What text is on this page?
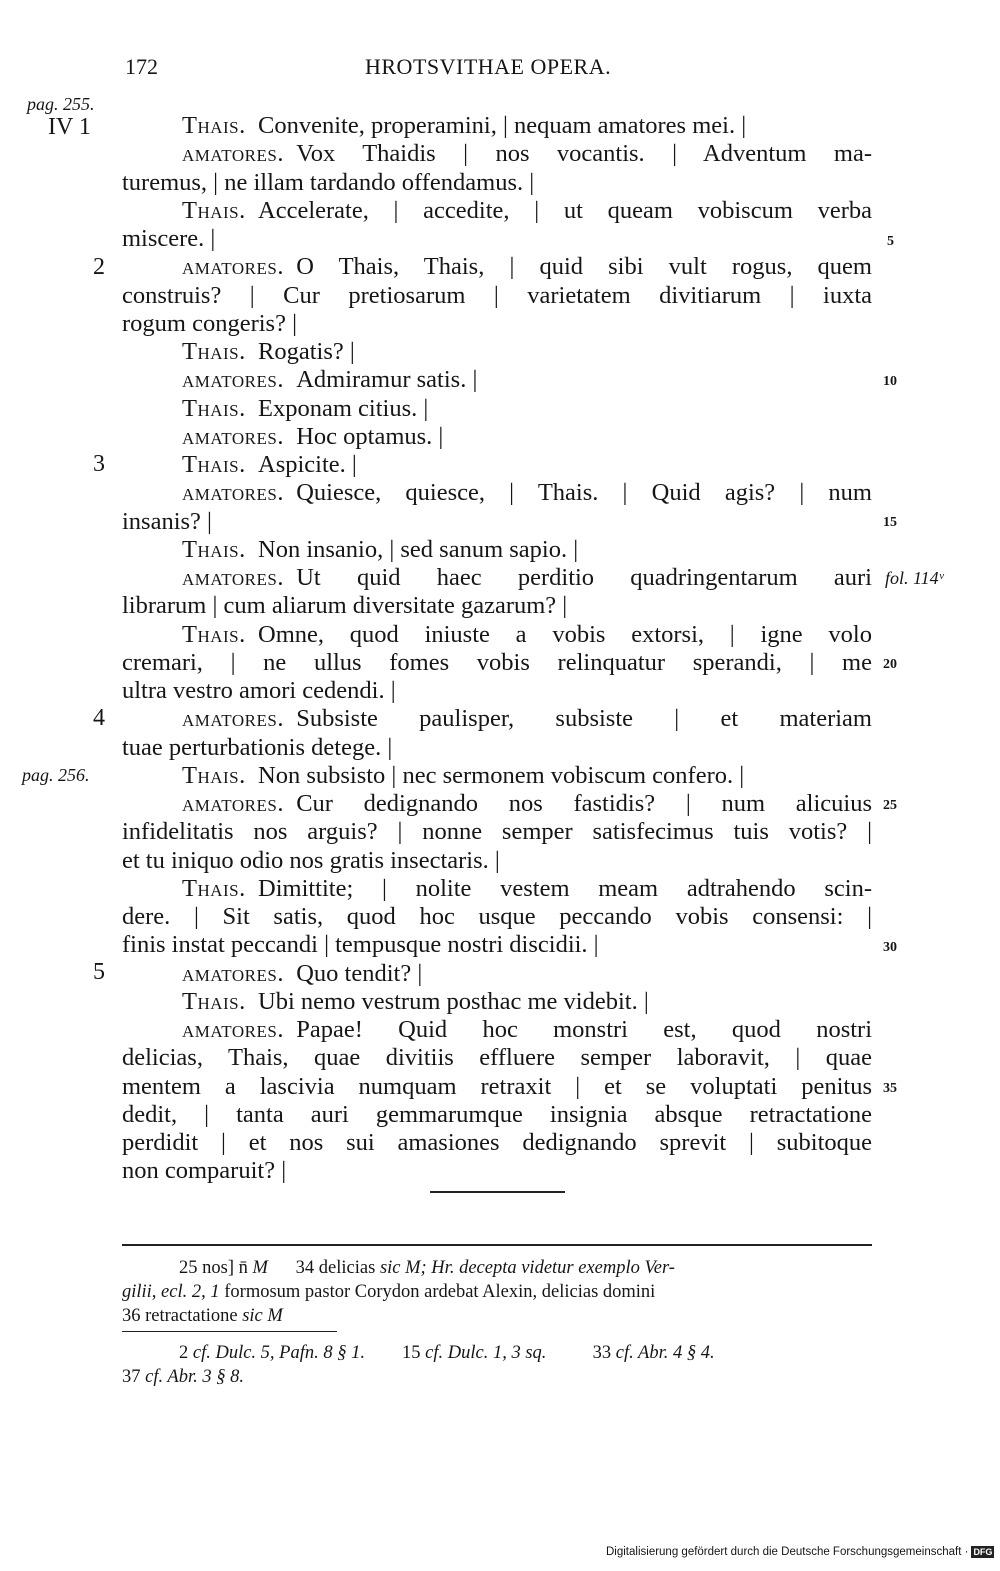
172	HROTSVITHAE OPERA.
pag. 255.
IV 1
2
3
4
pag. 256.
5
5
10
15
fol. 114ᵛ
20
25
30
35
Thais.  Convenite, properamini, | nequam amatores mei. |
amatores.  Vox Thaidis | nos vocantis. | Adventum ma-
turemus, | ne illam tardando offendamus. |
Thais.  Accelerate, | accedite, | ut queam vobiscum verba
miscere. |
amatores.  O Thais, Thais, | quid sibi vult rogus, quem
construis? | Cur pretiosarum | varietatem divitiarum | iuxta
rogum congeris? |
Thais.  Rogatis? |
amatores.  Admiramur satis. |
Thais.  Exponam citius. |
amatores.  Hoc optamus. |
Thais.  Aspicite. |
amatores.  Quiesce, quiesce, | Thais. | Quid agis? | num
insanis? |
Thais.  Non insanio, | sed sanum sapio. |
amatores.  Ut quid haec perditio quadringentarum auri
librarum | cum aliarum diversitate gazarum? |
Thais.  Omne, quod iniuste a vobis extorsi, | igne volo
cremari, | ne ullus fomes vobis relinquatur sperandi, | me
ultra vestro amori cedendi. |
amatores.  Subsiste paulisper, subsiste | et materiam
tuae perturbationis detege. |
Thais.  Non subsisto | nec sermonem vobiscum confero. |
amatores.  Cur dedignando nos fastidis? | num alicuius
infidelitatis nos arguis? | nonne semper satisfecimus tuis votis? |
et tu iniquo odio nos gratis insectaris. |
Thais.  Dimittite; | nolite vestem meam adtrahendo scin-
dere. | Sit satis, quod hoc usque peccando vobis consensi: |
finis instat peccandi | tempusque nostri discidii. |
amatores.  Quo tendit? |
Thais.  Ubi nemo vestrum posthac me videbit. |
amatores.  Papae! Quid hoc monstri est, quod nostri
delicias, Thais, quae divitiis effluere semper laboravit, | quae
mentem a lascivia numquam retraxit | et se voluptati penitus
dedit, | tanta auri gemmarumque insignia absque retractatione
perdidit | et nos sui amasiones dedignando sprevit | subitoque
non comparuit? |
25 nos] n̄ M   34 delicias sic M; Hr. decepta videtur exemplo Ver-
gilii, ecl. 2, 1 formosum pastor Corydon ardebat Alexin, delicias domini
36 retractatione sic M
2 cf. Dulc. 5, Pafn. 8 § 1.    15 cf. Dulc. 1, 3 sq.   	33 cf. Abr. 4 § 4.
37 cf. Abr. 3 § 8.
Digitalisierung gefördert durch die Deutsche Forschungsgemeinschaft · DFG
